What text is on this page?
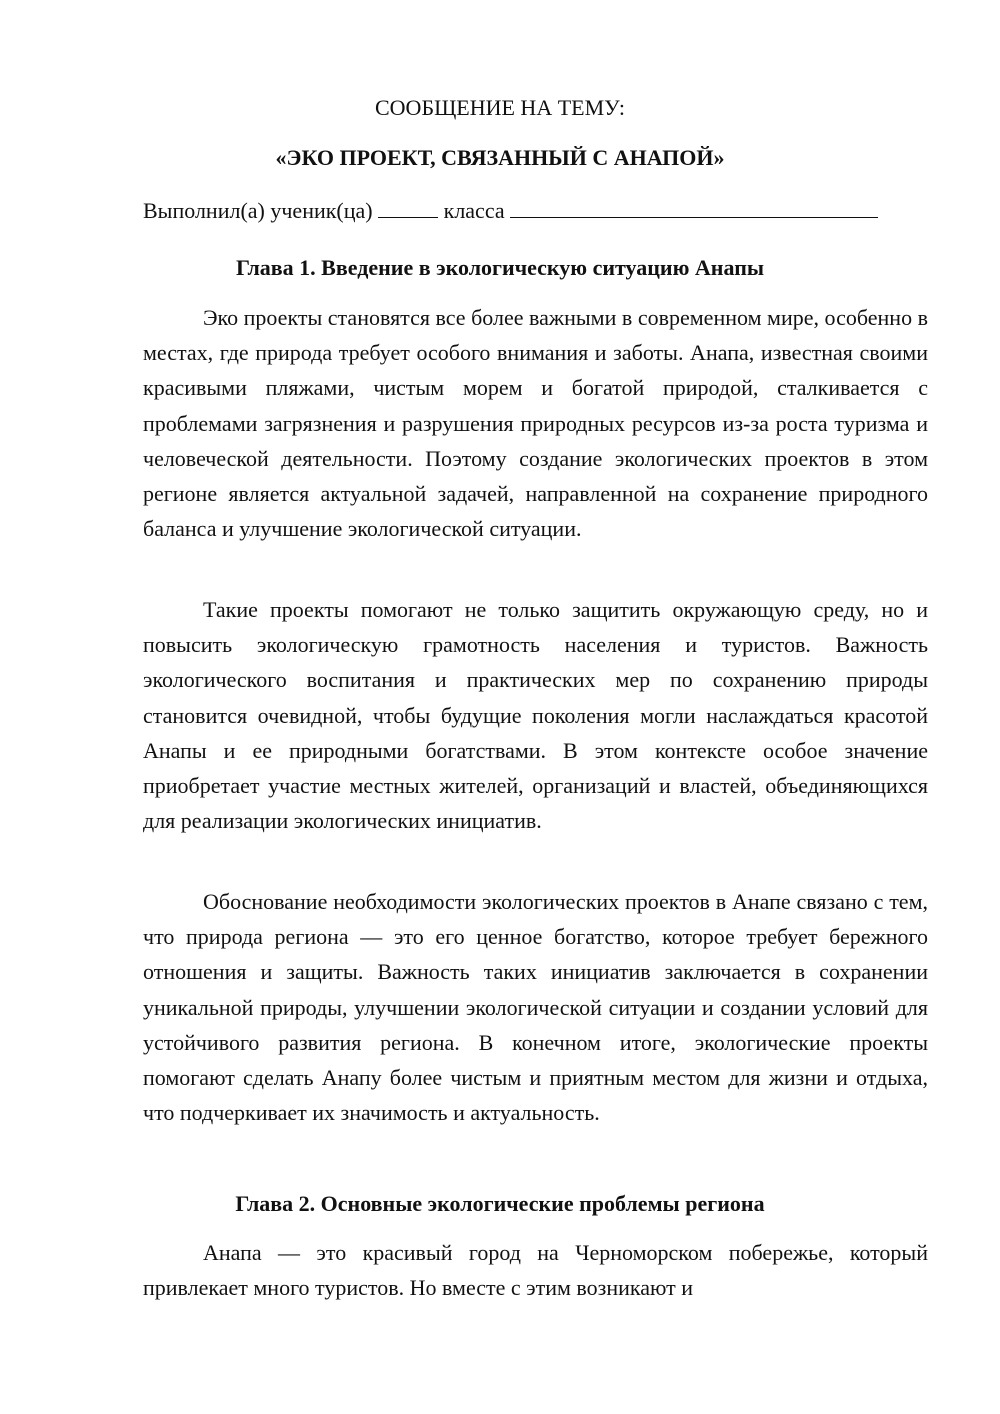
СООБЩЕНИЕ НА ТЕМУ:
«ЭКО ПРОЕКТ, СВЯЗАННЫЙ С АНАПОЙ»
Выполнил(а) ученик(ца)	класса
Глава 1. Введение в экологическую ситуацию Анапы

Эко проекты становятся все более важными в современном мире, особенно в местах, где природа требует особого внимания и заботы. Анапа, известная своими красивыми пляжами, чистым морем и богатой природой, сталкивается с проблемами загрязнения и разрушения природных ресурсов из-за роста туризма и человеческой деятельности. Поэтому создание экологических проектов в этом регионе является актуальной задачей, направленной на сохранение природного баланса и улучшение экологической ситуации.

Такие проекты помогают не только защитить окружающую среду, но и повысить экологическую грамотность населения и туристов. Важность экологического воспитания и практических мер по сохранению природы становится очевидной, чтобы будущие поколения могли наслаждаться красотой Анапы и ее природными богатствами. В этом контексте особое значение приобретает участие местных жителей, организаций и властей, объединяющихся для реализации экологических инициатив.

Обоснование необходимости экологических проектов в Анапе связано с тем, что природа региона — это его ценное богатство, которое требует бережного отношения и защиты. Важность таких инициатив заключается в сохранении уникальной природы, улучшении экологической ситуации и создании условий для устойчивого развития региона. В конечном итоге, экологические проекты помогают сделать Анапу более чистым и приятным местом для жизни и отдыха, что подчеркивает их значимость и актуальность.

Глава 2. Основные экологические проблемы региона

Анапа — это красивый город на Черноморском побережье, который привлекает много туристов. Но вместе с этим возникают и
